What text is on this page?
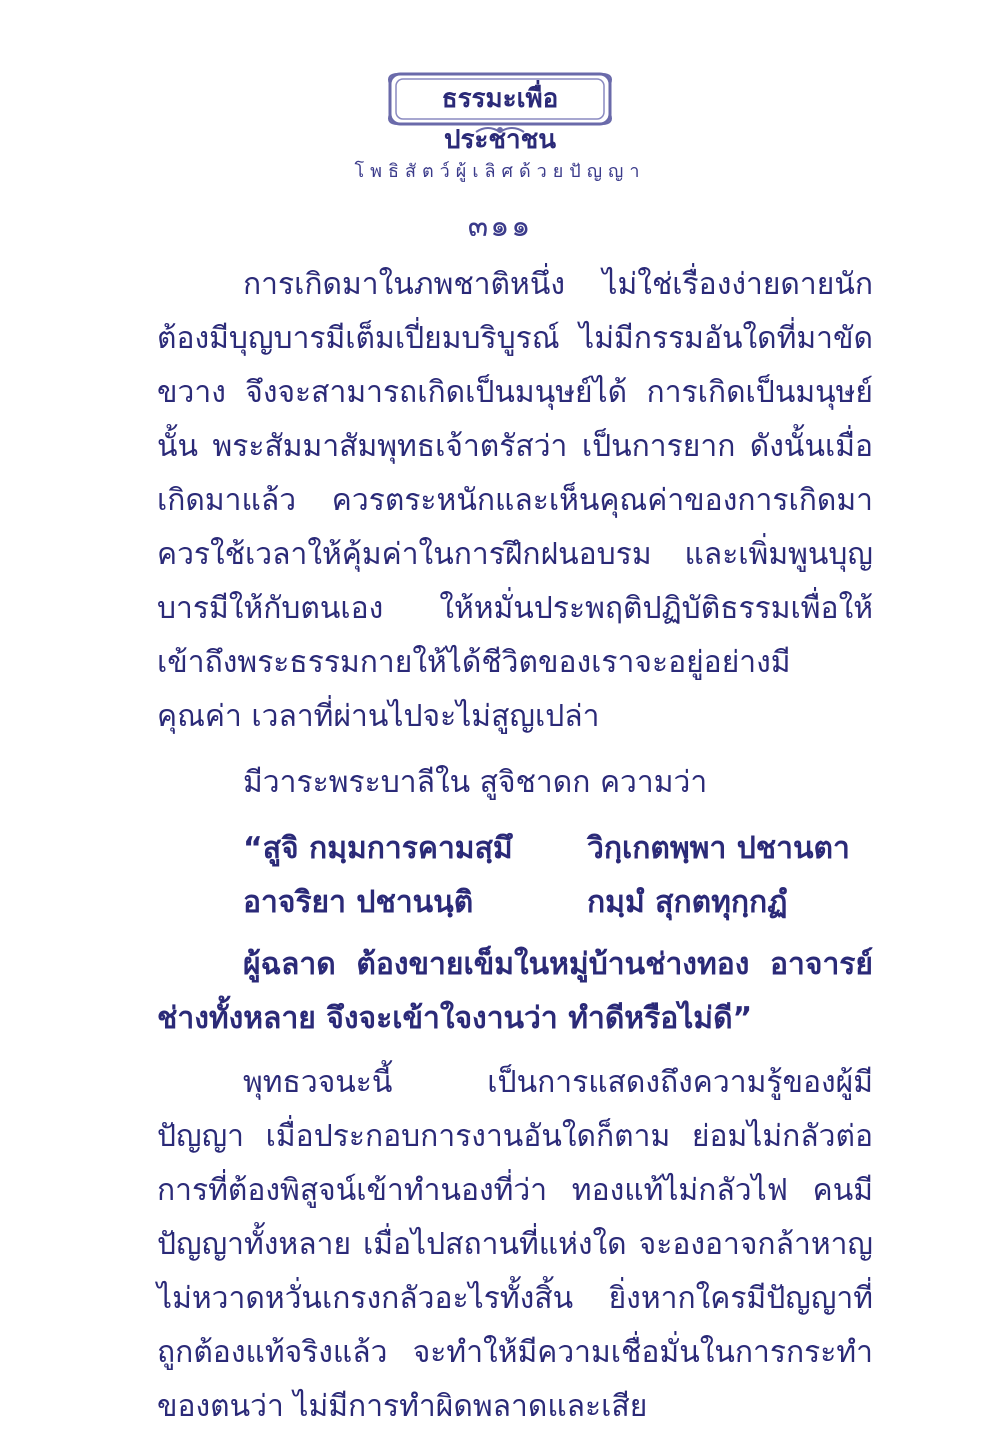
ธรรมะเพื่อประชาชน
โพธิสัตว์ผู้เลิศด้วยปัญญา
๓๑๑

การเกิดมาในภพชาติหนึ่ง ไม่ใช่เรื่องง่ายดายนัก ต้องมีบุญบารมีเต็มเปี่ยมบริบูรณ์ ไม่มีกรรมอันใดที่มาขัดขวาง จึงจะสามารถเกิดเป็นมนุษย์ได้ การเกิดเป็นมนุษย์นั้น พระสัมมาสัมพุทธเจ้าตรัสว่า เป็นการยาก ดังนั้นเมื่อเกิดมาแล้ว ควรตระหนักและเห็นคุณค่าของการเกิดมา ควรใช้เวลาให้คุ้มค่าในการฝึกฝนอบรม และเพิ่มพูนบุญบารมีให้กับตนเอง ให้หมั่นประพฤติปฏิบัติธรรมเพื่อให้เข้าถึงพระธรรมกายให้ได้ชีวิตของเราจะอยู่อย่างมีคุณค่า เวลาที่ผ่านไปจะไม่สูญเปล่า

มีวาระพระบาลีใน สูจิชาดก ความว่า
“สูจิ กมฺมการคามสฺมึ	วิกฺเกตพฺพา ปชานตา
อาจริยา ปชานนฺติ	กมฺมํ สุกตทุกฺกฏํ

ผู้ฉลาด ต้องขายเข็มในหมู่บ้านช่างทอง อาจารย์ช่างทั้งหลาย จึงจะเข้าใจงานว่า ทำดีหรือไม่ดี”

พุทธวจนะนี้ เป็นการแสดงถึงความรู้ของผู้มีปัญญา เมื่อประกอบการงานอันใดก็ตาม ย่อมไม่กลัวต่อการที่ต้องพิสูจน์เข้าทำนองที่ว่า ทองแท้ไม่กลัวไฟ คนมีปัญญาทั้งหลาย เมื่อไปสถานที่แห่งใด จะองอาจกล้าหาญ ไม่หวาดหวั่นเกรงกลัวอะไรทั้งสิ้น ยิ่งหากใครมีปัญญาที่ถูกต้องแท้จริงแล้ว จะทำให้มีความเชื่อมั่นในการกระทำของตนว่า ไม่มีการทำผิดพลาดและเสีย
